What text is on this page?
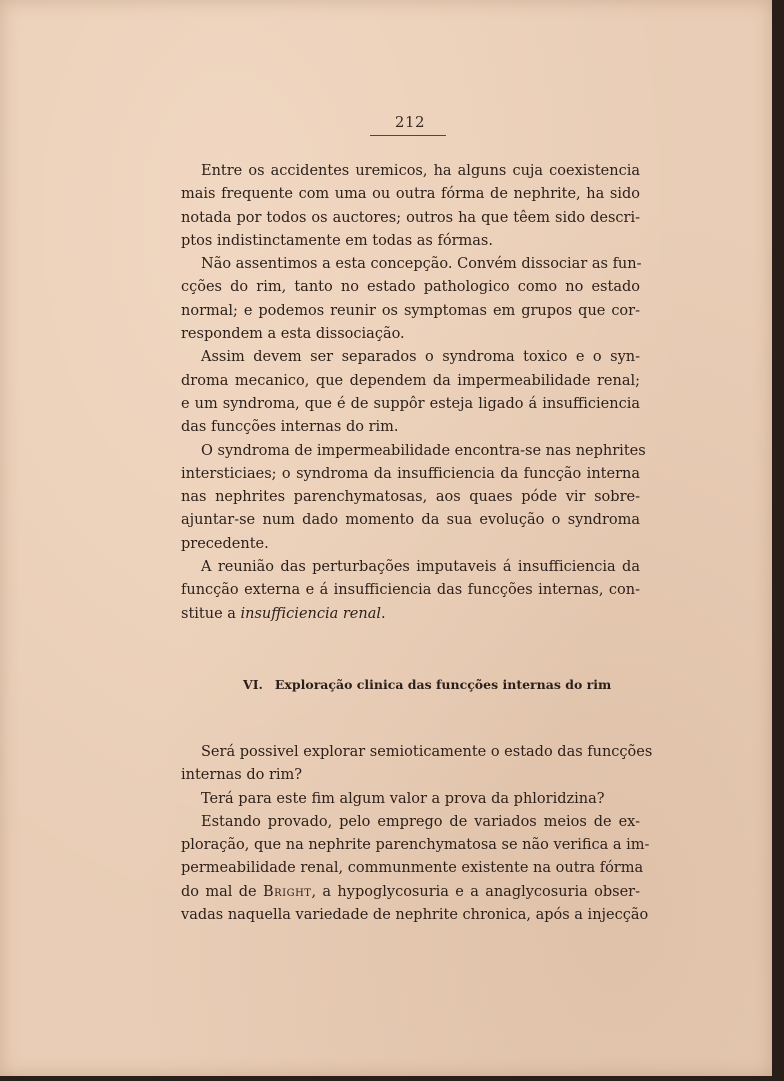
212
Entre os accidentes uremicos, ha alguns cuja coexistencia
mais frequente com uma ou outra fórma de nephrite, ha sido
notada por todos os auctores; outros ha que têem sido descri-
ptos indistinctamente em todas as fórmas.
Não assentimos a esta concepção. Convém dissociar as fun-
cções do rim, tanto no estado pathologico como no estado
normal; e podemos reunir os symptomas em grupos que cor-
respondem a esta dissociação.
Assim devem ser separados o syndroma toxico e o syn-
droma mecanico, que dependem da impermeabilidade renal;
e um syndroma, que é de suppôr esteja ligado á insufficiencia
das funcções internas do rim.
O syndroma de impermeabilidade encontra-se nas nephrites
intersticiaes; o syndroma da insufficiencia da funcção interna
nas nephrites parenchymatosas, aos quaes póde vir sobre-
ajuntar-se num dado momento da sua evolução o syndroma
precedente.
A reunião das perturbações imputaveis á insufficiencia da
funcção externa e á insufficiencia das funcções internas, con-
stitue a insufficiencia renal.
VI. Exploração clinica das funcções internas do rim
Será possivel explorar semioticamente o estado das funcções
internas do rim?
Terá para este fim algum valor a prova da phloridzina?
Estando provado, pelo emprego de variados meios de ex-
ploração, que na nephrite parenchymatosa se não verifica a im-
permeabilidade renal, communmente existente na outra fórma
do mal de Bright, a hypoglycosuria e a anaglycosuria obser-
vadas naquella variedade de nephrite chronica, após a injecção
